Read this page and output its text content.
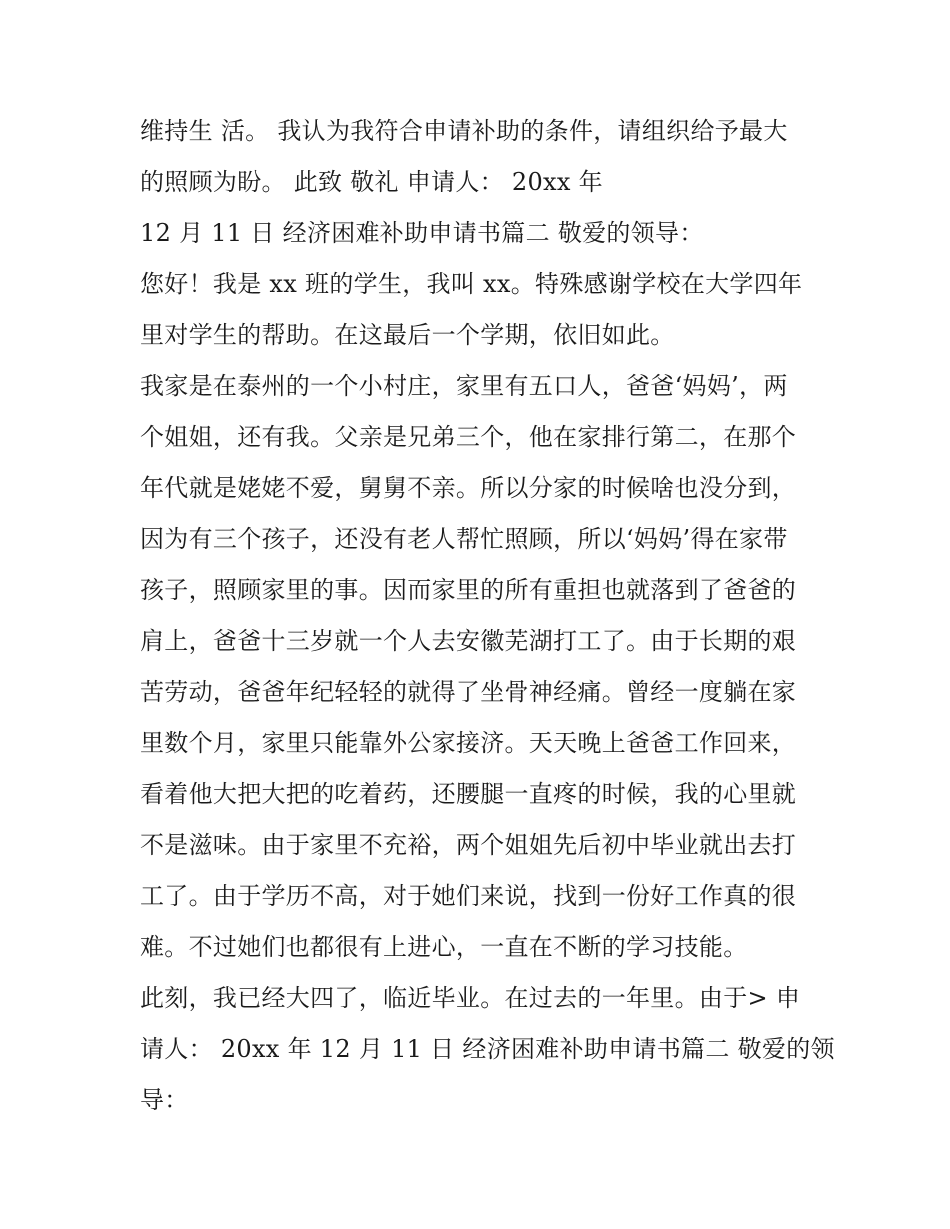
维持生 活。 我认为我符合申请补助的条件，请组织给予最大
的照顾为盼。 此致 敬礼 申请人： 20xx 年
12 月 11 日 经济困难补助申请书篇二 敬爱的领导：
您好！我是 xx 班的学生，我叫 xx。特殊感谢学校在大学四年
里对学生的帮助。在这最后一个学期，依旧如此。
我家是在泰州的一个小村庄，家里有五口人，爸爸‘妈妈’，两
个姐姐，还有我。父亲是兄弟三个，他在家排行第二，在那个
年代就是姥姥不爱，舅舅不亲。所以分家的时候啥也没分到，
因为有三个孩子，还没有老人帮忙照顾，所以‘妈妈’得在家带
孩子，照顾家里的事。因而家里的所有重担也就落到了爸爸的
肩上，爸爸十三岁就一个人去安徽芜湖打工了。由于长期的艰
苦劳动，爸爸年纪轻轻的就得了坐骨神经痛。曾经一度躺在家
里数个月，家里只能靠外公家接济。天天晚上爸爸工作回来，
看着他大把大把的吃着药，还腰腿一直疼的时候，我的心里就
不是滋味。由于家里不充裕，两个姐姐先后初中毕业就出去打
工了。由于学历不高，对于她们来说，找到一份好工作真的很
难。不过她们也都很有上进心，一直在不断的学习技能。
此刻，我已经大四了，临近毕业。在过去的一年里。由于> 申
请人： 20xx 年 12 月 11 日 经济困难补助申请书篇二 敬爱的领
导：
